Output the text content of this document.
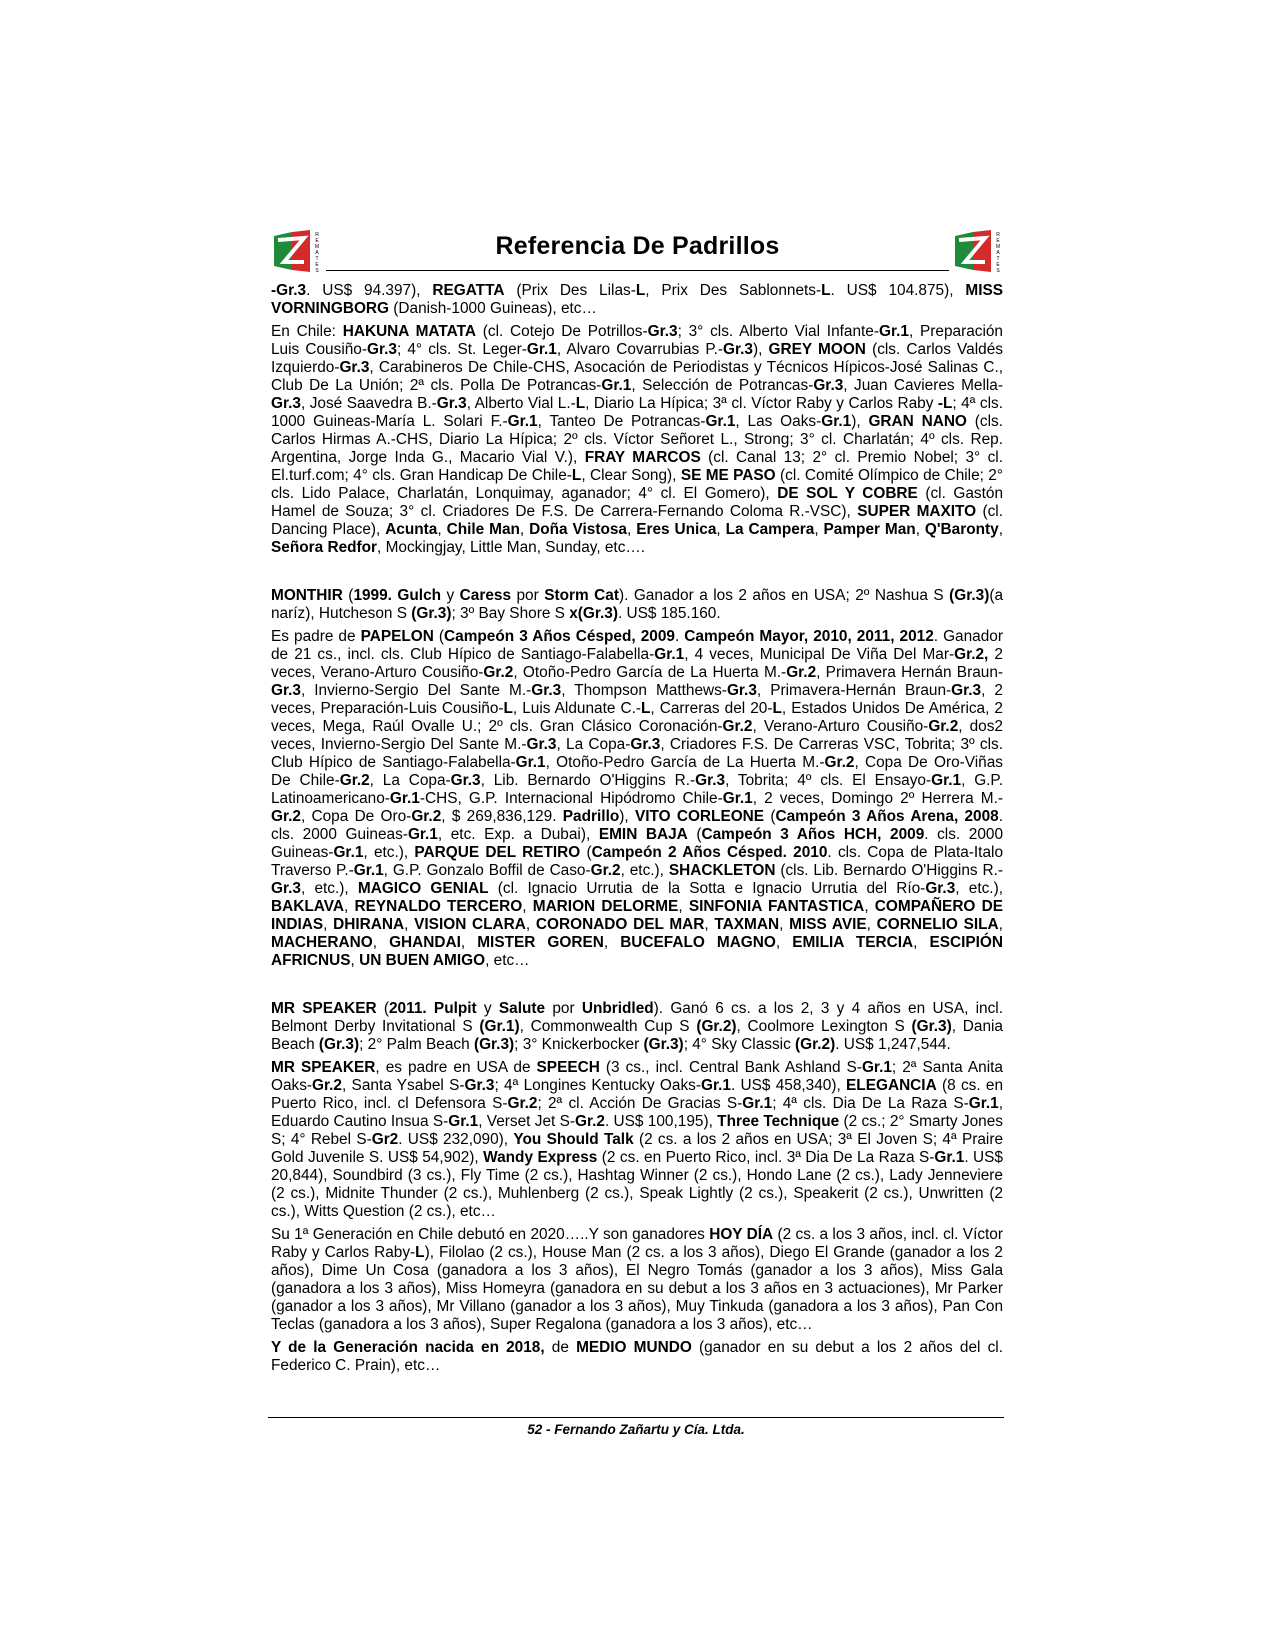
R
E
M
A
T
E
S
Referencia De Padrillos	R
E
M
A
T
E
S

-Gr.3. US$ 94.397), REGATTA (Prix Des Lilas-L, Prix Des Sablonnets-L. US$ 104.875), MISS VORNINGBORG (Danish-1000 Guineas), etc…

En Chile: HAKUNA MATATA (cl. Cotejo De Potrillos-Gr.3; 3° cls. Alberto Vial Infante-Gr.1, Preparación Luis Cousiño-Gr.3; 4° cls. St. Leger-Gr.1, Alvaro Covarrubias P.-Gr.3), GREY MOON (cls. Carlos Valdés Izquierdo-Gr.3, Carabineros De Chile-CHS, Asocación de Periodistas y Técnicos Hípicos-José Salinas C., Club De La Unión; 2ª cls. Polla De Potrancas-Gr.1, Selección de Potrancas-Gr.3, Juan Cavieres Mella-Gr.3, José Saavedra B.-Gr.3, Alberto Vial L.-L, Diario La Hípica; 3ª cl. Víctor Raby y Carlos Raby -L; 4ª cls. 1000 Guineas-María L. Solari F.-Gr.1, Tanteo De Potrancas-Gr.1, Las Oaks-Gr.1), GRAN NANO (cls. Carlos Hirmas A.-CHS, Diario La Hípica; 2º cls. Víctor Señoret L., Strong; 3° cl. Charlatán; 4º cls. Rep. Argentina, Jorge Inda G., Macario Vial V.), FRAY MARCOS (cl. Canal 13; 2° cl. Premio Nobel; 3° cl. El.turf.com; 4° cls. Gran Handicap De Chile-L, Clear Song), SE ME PASO (cl. Comité Olímpico de Chile; 2° cls. Lido Palace, Charlatán, Lonquimay, aganador; 4° cl. El Gomero), DE SOL Y COBRE (cl. Gastón Hamel de Souza; 3° cl. Criadores De F.S. De Carrera-Fernando Coloma R.-VSC), SUPER MAXITO (cl. Dancing Place), Acunta, Chile Man, Doña Vistosa, Eres Unica, La Campera, Pamper Man, Q'Baronty, Señora Redfor, Mockingjay, Little Man, Sunday, etc….

MONTHIR (1999. Gulch y Caress por Storm Cat). Ganador a los 2 años en USA; 2º Nashua S (Gr.3)(a naríz), Hutcheson S (Gr.3); 3º Bay Shore S x(Gr.3). US$ 185.160.

Es padre de PAPELON (Campeón 3 Años Césped, 2009. Campeón Mayor, 2010, 2011, 2012. Ganador de 21 cs., incl. cls. Club Hípico de Santiago-Falabella-Gr.1, 4 veces, Municipal De Viña Del Mar-Gr.2, 2 veces, Verano-Arturo Cousiño-Gr.2, Otoño-Pedro García de La Huerta M.-Gr.2, Primavera Hernán Braun-Gr.3, Invierno-Sergio Del Sante M.-Gr.3, Thompson Matthews-Gr.3, Primavera-Hernán Braun-Gr.3, 2 veces, Preparación-Luis Cousiño-L, Luis Aldunate C.-L, Carreras del 20-L, Estados Unidos De América, 2 veces, Mega, Raúl Ovalle U.; 2º cls. Gran Clásico Coronación-Gr.2, Verano-Arturo Cousiño-Gr.2, dos2 veces, Invierno-Sergio Del Sante M.-Gr.3, La Copa-Gr.3, Criadores F.S. De Carreras VSC, Tobrita; 3º cls. Club Hípico de Santiago-Falabella-Gr.1, Otoño-Pedro García de La Huerta M.-Gr.2, Copa De Oro-Viñas De Chile-Gr.2, La Copa-Gr.3, Lib. Bernardo O'Higgins R.-Gr.3, Tobrita; 4º cls. El Ensayo-Gr.1, G.P. Latinoamericano-Gr.1-CHS, G.P. Internacional Hipódromo Chile-Gr.1, 2 veces, Domingo 2º Herrera M.-Gr.2, Copa De Oro-Gr.2, $ 269,836,129. Padrillo), VITO CORLEONE (Campeón 3 Años Arena, 2008. cls. 2000 Guineas-Gr.1, etc. Exp. a Dubai), EMIN BAJA (Campeón 3 Años HCH, 2009. cls. 2000 Guineas-Gr.1, etc.), PARQUE DEL RETIRO (Campeón 2 Años Césped. 2010. cls. Copa de Plata-Italo Traverso P.-Gr.1, G.P. Gonzalo Boffil de Caso-Gr.2, etc.), SHACKLETON (cls. Lib. Bernardo O'Higgins R.-Gr.3, etc.), MAGICO GENIAL (cl. Ignacio Urrutia de la Sotta e Ignacio Urrutia del Río-Gr.3, etc.), BAKLAVA, REYNALDO TERCERO, MARION DELORME, SINFONIA FANTASTICA, COMPAÑERO DE INDIAS, DHIRANA, VISION CLARA, CORONADO DEL MAR, TAXMAN, MISS AVIE, CORNELIO SILA, MACHERANO, GHANDAI, MISTER GOREN, BUCEFALO MAGNO, EMILIA TERCIA, ESCIPIÓN AFRICNUS, UN BUEN AMIGO, etc…

MR SPEAKER (2011. Pulpit y Salute por Unbridled). Ganó 6 cs. a los 2, 3 y 4 años en USA, incl. Belmont Derby Invitational S (Gr.1), Commonwealth Cup S (Gr.2), Coolmore Lexington S (Gr.3), Dania Beach (Gr.3); 2° Palm Beach (Gr.3); 3° Knickerbocker (Gr.3); 4° Sky Classic (Gr.2). US$ 1,247,544.

MR SPEAKER, es padre en USA de SPEECH (3 cs., incl. Central Bank Ashland S-Gr.1; 2ª Santa Anita Oaks-Gr.2, Santa Ysabel S-Gr.3; 4ª Longines Kentucky Oaks-Gr.1. US$ 458,340), ELEGANCIA (8 cs. en Puerto Rico, incl. cl Defensora S-Gr.2; 2ª cl. Acción De Gracias S-Gr.1; 4ª cls. Dia De La Raza S-Gr.1, Eduardo Cautino Insua S-Gr.1, Verset Jet S-Gr.2. US$ 100,195), Three Technique (2 cs.; 2° Smarty Jones S; 4° Rebel S-Gr2. US$ 232,090), You Should Talk (2 cs. a los 2 años en USA; 3ª El Joven S; 4ª Praire Gold Juvenile S. US$ 54,902), Wandy Express (2 cs. en Puerto Rico, incl. 3ª Dia De La Raza S-Gr.1. US$ 20,844), Soundbird (3 cs.), Fly Time (2 cs.), Hashtag Winner (2 cs.), Hondo Lane (2 cs.), Lady Jenneviere (2 cs.), Midnite Thunder (2 cs.), Muhlenberg (2 cs.), Speak Lightly (2 cs.), Speakerit (2 cs.), Unwritten (2 cs.), Witts Question (2 cs.), etc…

Su 1ª Generación en Chile debutó en 2020…..Y son ganadores HOY DÍA (2 cs. a los 3 años, incl. cl. Víctor Raby y Carlos Raby-L), Filolao (2 cs.), House Man (2 cs. a los 3 años), Diego El Grande (ganador a los 2 años), Dime Un Cosa (ganadora a los 3 años), El Negro Tomás (ganador a los 3 años), Miss Gala (ganadora a los 3 años), Miss Homeyra (ganadora en su debut a los 3 años en 3 actuaciones), Mr Parker (ganador a los 3 años), Mr Villano (ganador a los 3 años), Muy Tinkuda (ganadora a los 3 años), Pan Con Teclas (ganadora a los 3 años), Super Regalona (ganadora a los 3 años), etc…

Y de la Generación nacida en 2018, de MEDIO MUNDO (ganador en su debut a los 2 años del cl. Federico C. Prain), etc…

52 - Fernando Zañartu y Cía. Ltda.
